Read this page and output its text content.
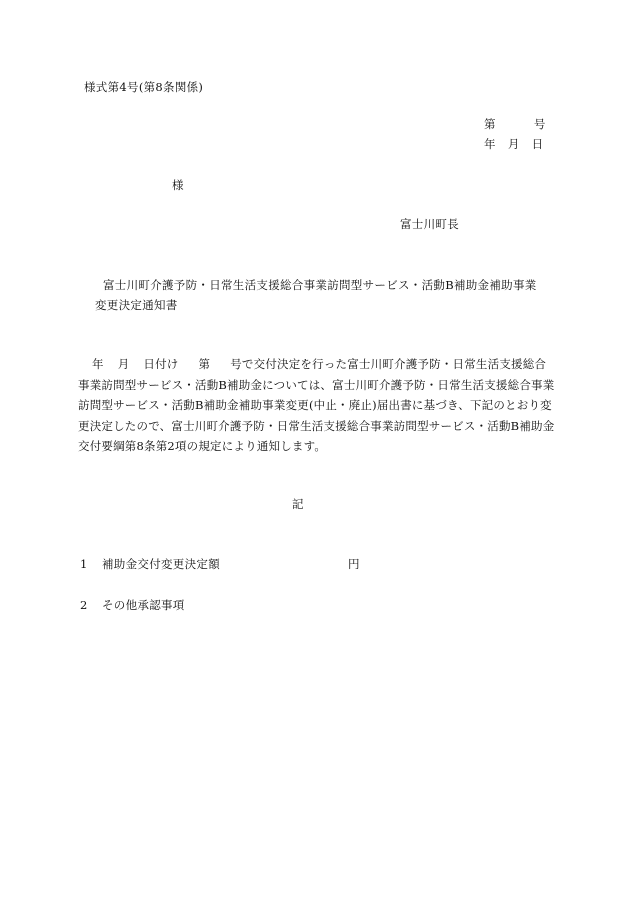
様式第4号(第8条関係)
第	号
年 月 日
様
富士川町長
富士川町介護予防・日常生活支援総合事業訪問型サービス・活動B補助金補助事業
変更決定通知書
年 月 日付け 第 号で交付決定を行った富士川町介護予防・日常生活支援総合
事業訪問型サービス・活動B補助金については、富士川町介護予防・日常生活支援総合事業
訪問型サービス・活動B補助金補助事業変更(中止・廃止)届出書に基づき、下記のとおり変
更決定したので、富士川町介護予防・日常生活支援総合事業訪問型サービス・活動B補助金
交付要綱第8条第2項の規定により通知します。
記
1 補助金交付変更決定額	円
2 その他承認事項
